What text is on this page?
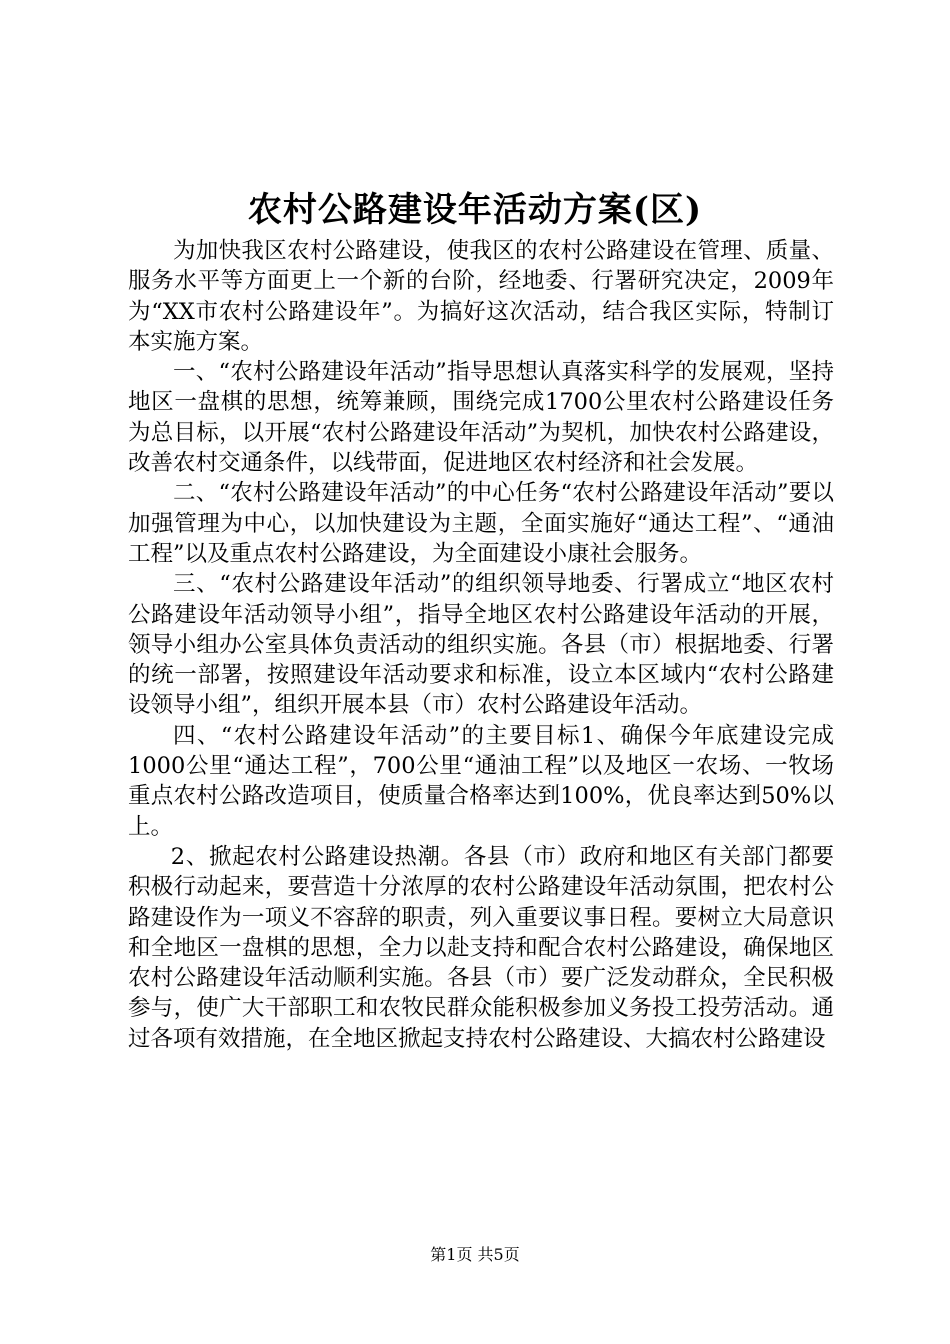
农村公路建设年活动方案(区)

为加快我区农村公路建设，使我区的农村公路建设在管理、质量、服务水平等方面更上一个新的台阶，经地委、行署研究决定，2009年为“XX市农村公路建设年”。为搞好这次活动，结合我区实际，特制订本实施方案。

一、“农村公路建设年活动”指导思想认真落实科学的发展观，坚持地区一盘棋的思想，统筹兼顾，围绕完成1700公里农村公路建设任务为总目标，以开展“农村公路建设年活动”为契机，加快农村公路建设，改善农村交通条件，以线带面，促进地区农村经济和社会发展。

二、“农村公路建设年活动”的中心任务“农村公路建设年活动”要以加强管理为中心，以加快建设为主题，全面实施好“通达工程”、“通油工程”以及重点农村公路建设，为全面建设小康社会服务。

三、“农村公路建设年活动”的组织领导地委、行署成立“地区农村公路建设年活动领导小组”，指导全地区农村公路建设年活动的开展，领导小组办公室具体负责活动的组织实施。各县（市）根据地委、行署的统一部署，按照建设年活动要求和标准，设立本区域内“农村公路建设领导小组”，组织开展本县（市）农村公路建设年活动。

四、“农村公路建设年活动”的主要目标1、确保今年底建设完成1000公里“通达工程”，700公里“通油工程”以及地区一农场、一牧场重点农村公路改造项目，使质量合格率达到100%，优良率达到50%以上。

2、掀起农村公路建设热潮。各县（市）政府和地区有关部门都要积极行动起来，要营造十分浓厚的农村公路建设年活动氛围，把农村公路建设作为一项义不容辞的职责，列入重要议事日程。要树立大局意识和全地区一盘棋的思想，全力以赴支持和配合农村公路建设，确保地区农村公路建设年活动顺利实施。各县（市）要广泛发动群众，全民积极参与，使广大干部职工和农牧民群众能积极参加义务投工投劳活动。通过各项有效措施，在全地区掀起支持农村公路建设、大搞农村公路建设

第1页 共5页
